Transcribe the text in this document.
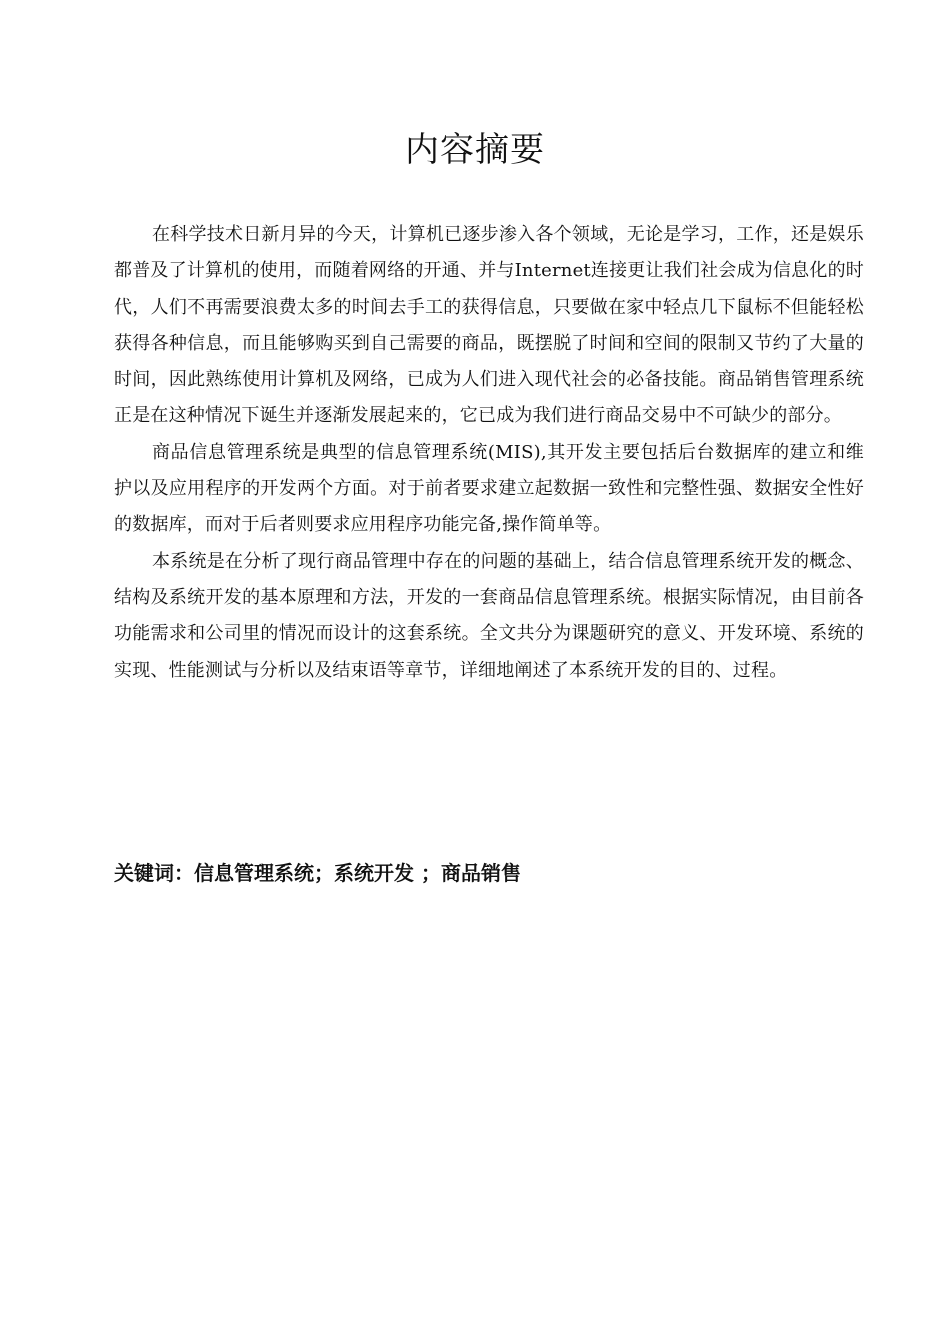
内容摘要

在科学技术日新月异的今天，计算机已逐步渗入各个领域，无论是学习，工作，还是娱乐都普及了计算机的使用，而随着网络的开通、并与Internet连接更让我们社会成为信息化的时代，人们不再需要浪费太多的时间去手工的获得信息，只要做在家中轻点几下鼠标不但能轻松获得各种信息，而且能够购买到自己需要的商品，既摆脱了时间和空间的限制又节约了大量的时间，因此熟练使用计算机及网络，已成为人们进入现代社会的必备技能。商品销售管理系统正是在这种情况下诞生并逐渐发展起来的，它已成为我们进行商品交易中不可缺少的部分。

商品信息管理系统是典型的信息管理系统(MIS),其开发主要包括后台数据库的建立和维护以及应用程序的开发两个方面。对于前者要求建立起数据一致性和完整性强、数据安全性好的数据库，而对于后者则要求应用程序功能完备,操作简单等。

本系统是在分析了现行商品管理中存在的问题的基础上，结合信息管理系统开发的概念、结构及系统开发的基本原理和方法，开发的一套商品信息管理系统。根据实际情况，由目前各功能需求和公司里的情况而设计的这套系统。全文共分为课题研究的意义、开发环境、系统的实现、性能测试与分析以及结束语等章节，详细地阐述了本系统开发的目的、过程。

关键词：信息管理系统；系统开发 ；商品销售
